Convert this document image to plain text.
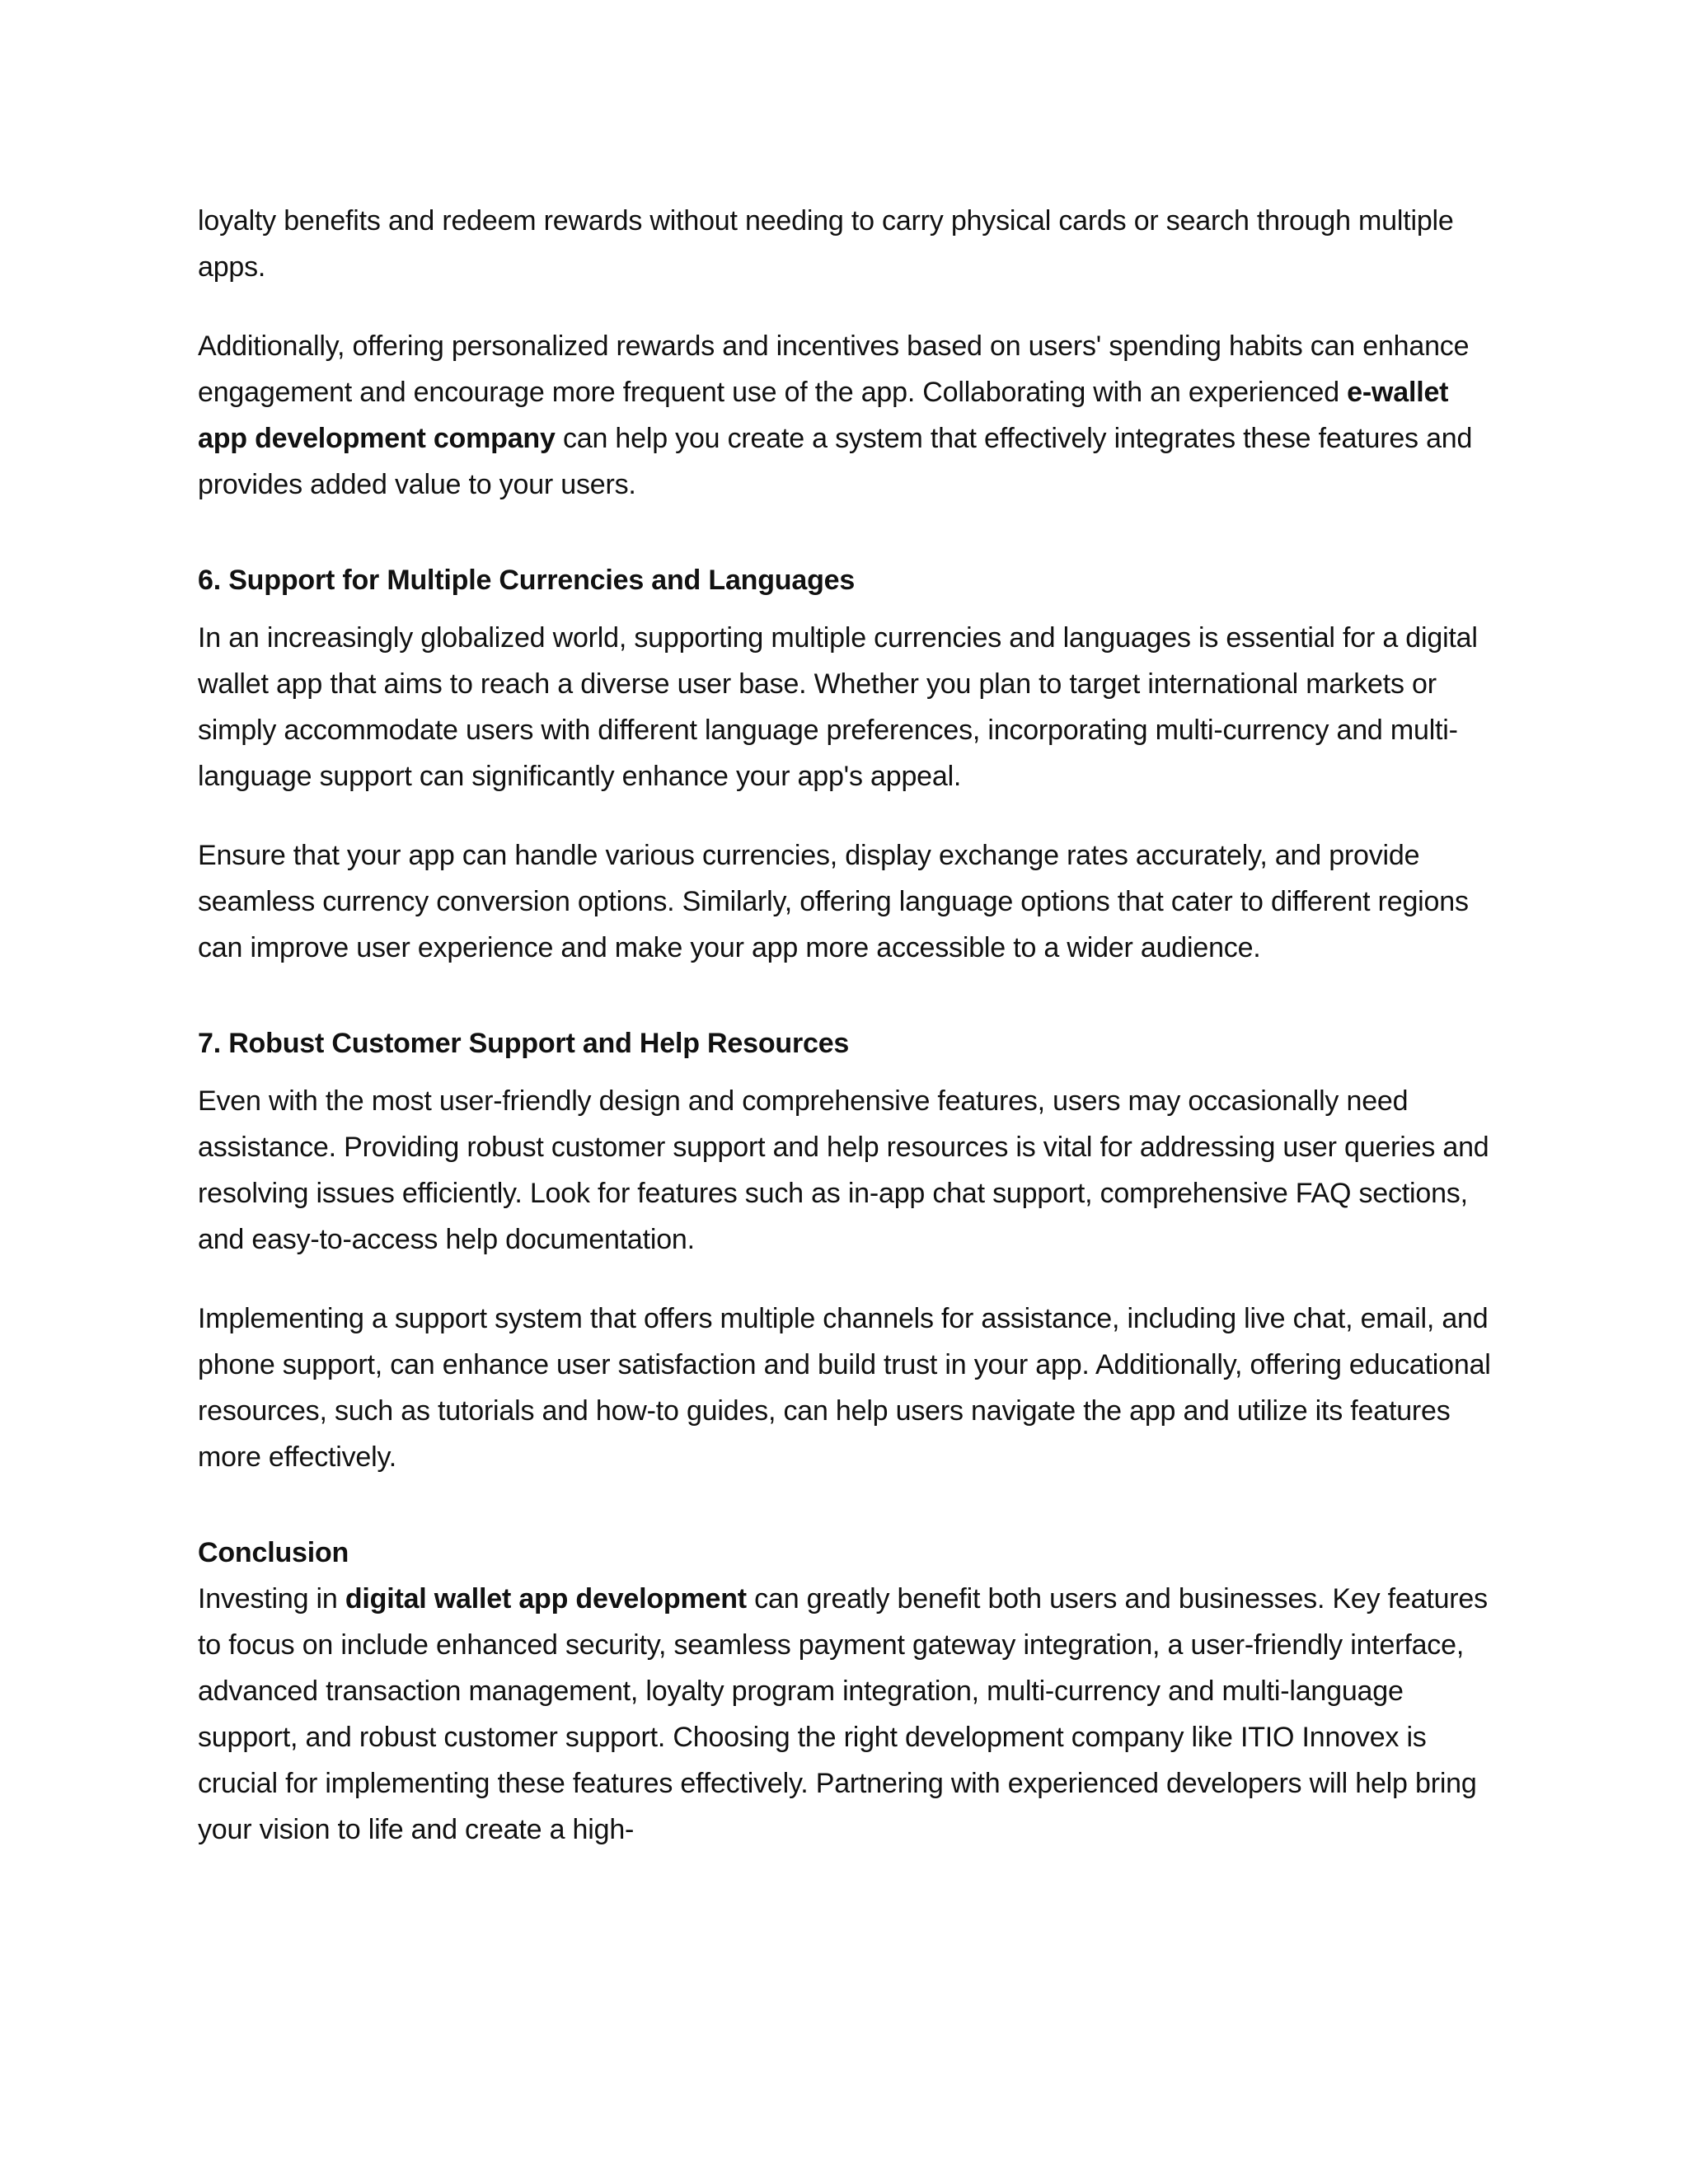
loyalty benefits and redeem rewards without needing to carry physical cards or search through multiple apps.

Additionally, offering personalized rewards and incentives based on users' spending habits can enhance engagement and encourage more frequent use of the app. Collaborating with an experienced e-wallet app development company can help you create a system that effectively integrates these features and provides added value to your users.

6. Support for Multiple Currencies and Languages

In an increasingly globalized world, supporting multiple currencies and languages is essential for a digital wallet app that aims to reach a diverse user base. Whether you plan to target international markets or simply accommodate users with different language preferences, incorporating multi-currency and multi-language support can significantly enhance your app's appeal.

Ensure that your app can handle various currencies, display exchange rates accurately, and provide seamless currency conversion options. Similarly, offering language options that cater to different regions can improve user experience and make your app more accessible to a wider audience.

7. Robust Customer Support and Help Resources

Even with the most user-friendly design and comprehensive features, users may occasionally need assistance. Providing robust customer support and help resources is vital for addressing user queries and resolving issues efficiently. Look for features such as in-app chat support, comprehensive FAQ sections, and easy-to-access help documentation.

Implementing a support system that offers multiple channels for assistance, including live chat, email, and phone support, can enhance user satisfaction and build trust in your app. Additionally, offering educational resources, such as tutorials and how-to guides, can help users navigate the app and utilize its features more effectively.

Conclusion

Investing in digital wallet app development can greatly benefit both users and businesses. Key features to focus on include enhanced security, seamless payment gateway integration, a user-friendly interface, advanced transaction management, loyalty program integration, multi-currency and multi-language support, and robust customer support. Choosing the right development company like ITIO Innovex is crucial for implementing these features effectively. Partnering with experienced developers will help bring your vision to life and create a high-
